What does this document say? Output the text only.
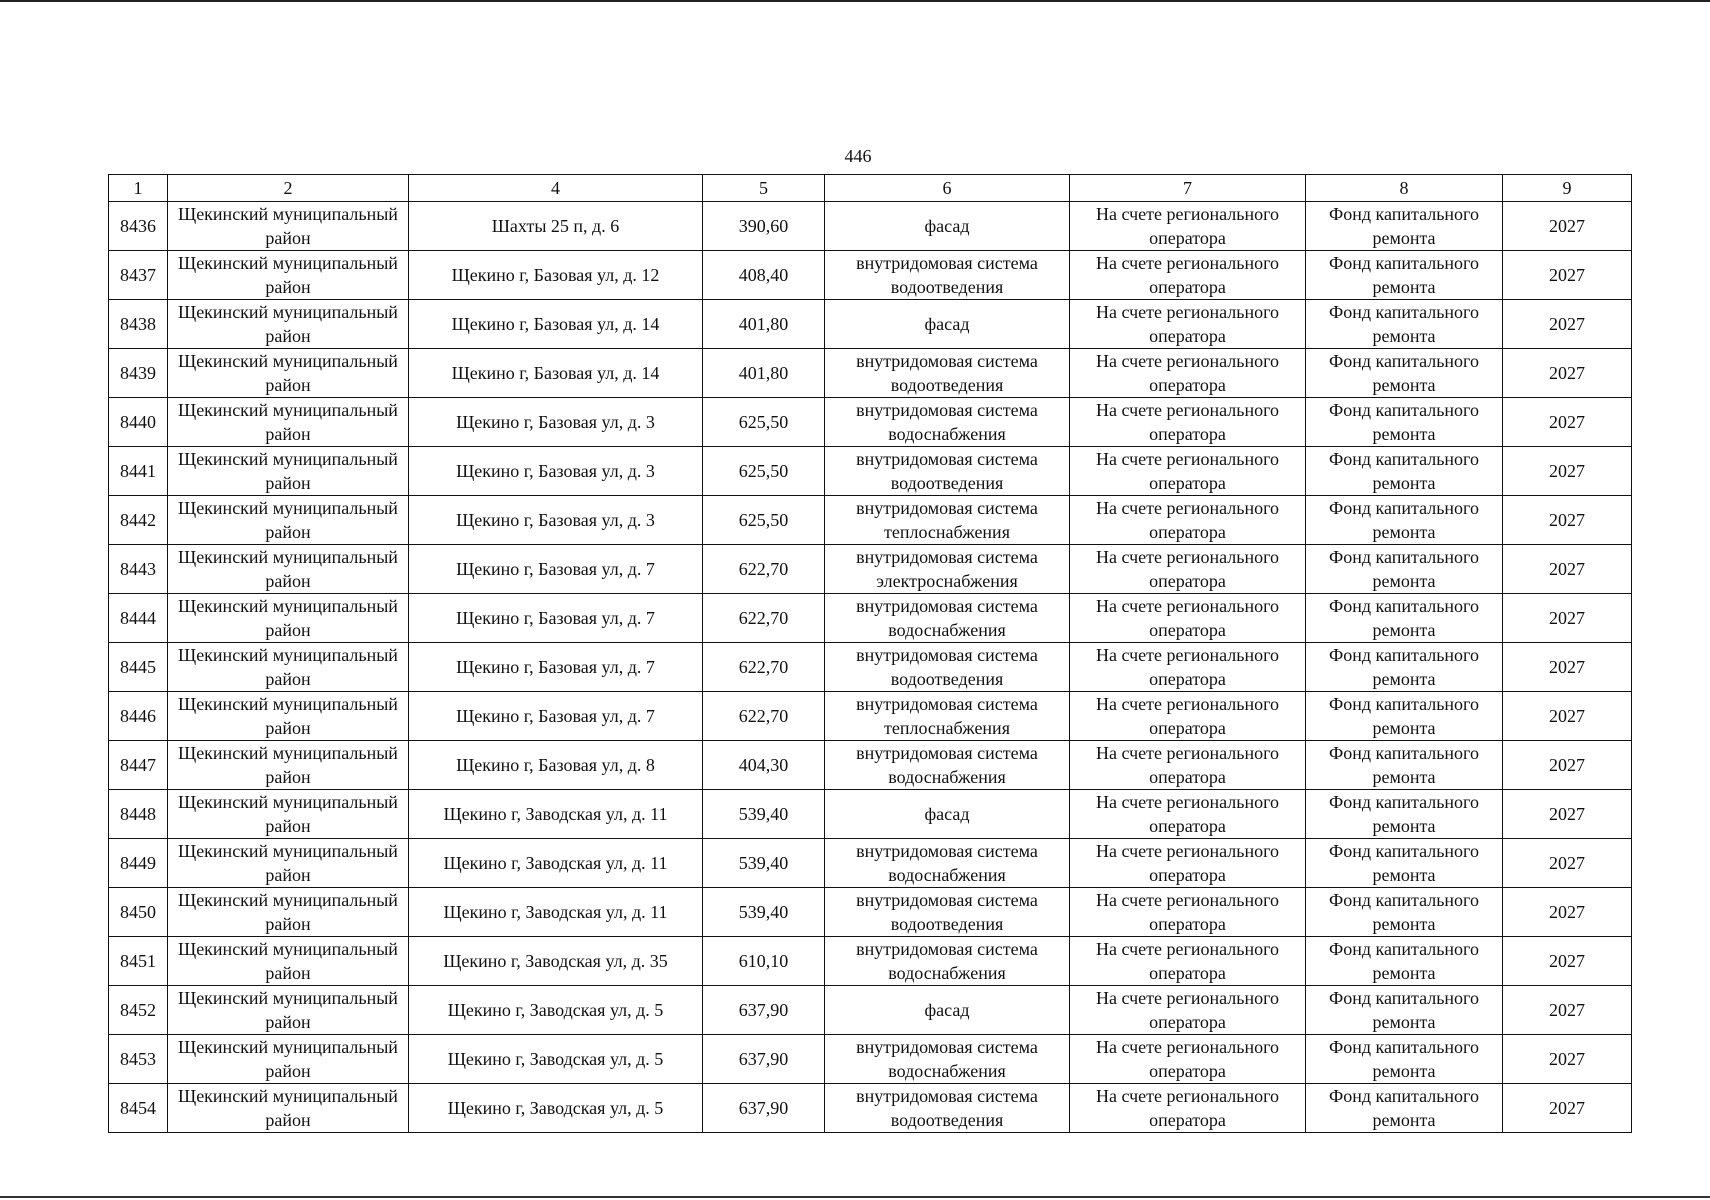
446
1	2	4	5	6	7	8	9
8436	Щекинский муниципальный район	Шахты 25 п, д. 6	390,60	фасад	На счете регионального оператора	Фонд капитального ремонта	2027
8437	Щекинский муниципальный район	Щекино г, Базовая ул, д. 12	408,40	внутридомовая система водоотведения	На счете регионального оператора	Фонд капитального ремонта	2027
8438	Щекинский муниципальный район	Щекино г, Базовая ул, д. 14	401,80	фасад	На счете регионального оператора	Фонд капитального ремонта	2027
8439	Щекинский муниципальный район	Щекино г, Базовая ул, д. 14	401,80	внутридомовая система водоотведения	На счете регионального оператора	Фонд капитального ремонта	2027
8440	Щекинский муниципальный район	Щекино г, Базовая ул, д. 3	625,50	внутридомовая система водоснабжения	На счете регионального оператора	Фонд капитального ремонта	2027
8441	Щекинский муниципальный район	Щекино г, Базовая ул, д. 3	625,50	внутридомовая система водоотведения	На счете регионального оператора	Фонд капитального ремонта	2027
8442	Щекинский муниципальный район	Щекино г, Базовая ул, д. 3	625,50	внутридомовая система теплоснабжения	На счете регионального оператора	Фонд капитального ремонта	2027
8443	Щекинский муниципальный район	Щекино г, Базовая ул, д. 7	622,70	внутридомовая система электроснабжения	На счете регионального оператора	Фонд капитального ремонта	2027
8444	Щекинский муниципальный район	Щекино г, Базовая ул, д. 7	622,70	внутридомовая система водоснабжения	На счете регионального оператора	Фонд капитального ремонта	2027
8445	Щекинский муниципальный район	Щекино г, Базовая ул, д. 7	622,70	внутридомовая система водоотведения	На счете регионального оператора	Фонд капитального ремонта	2027
8446	Щекинский муниципальный район	Щекино г, Базовая ул, д. 7	622,70	внутридомовая система теплоснабжения	На счете регионального оператора	Фонд капитального ремонта	2027
8447	Щекинский муниципальный район	Щекино г, Базовая ул, д. 8	404,30	внутридомовая система водоснабжения	На счете регионального оператора	Фонд капитального ремонта	2027
8448	Щекинский муниципальный район	Щекино г, Заводская ул, д. 11	539,40	фасад	На счете регионального оператора	Фонд капитального ремонта	2027
8449	Щекинский муниципальный район	Щекино г, Заводская ул, д. 11	539,40	внутридомовая система водоснабжения	На счете регионального оператора	Фонд капитального ремонта	2027
8450	Щекинский муниципальный район	Щекино г, Заводская ул, д. 11	539,40	внутридомовая система водоотведения	На счете регионального оператора	Фонд капитального ремонта	2027
8451	Щекинский муниципальный район	Щекино г, Заводская ул, д. 35	610,10	внутридомовая система водоснабжения	На счете регионального оператора	Фонд капитального ремонта	2027
8452	Щекинский муниципальный район	Щекино г, Заводская ул, д. 5	637,90	фасад	На счете регионального оператора	Фонд капитального ремонта	2027
8453	Щекинский муниципальный район	Щекино г, Заводская ул, д. 5	637,90	внутридомовая система водоснабжения	На счете регионального оператора	Фонд капитального ремонта	2027
8454	Щекинский муниципальный район	Щекино г, Заводская ул, д. 5	637,90	внутридомовая система водоотведения	На счете регионального оператора	Фонд капитального ремонта	2027
